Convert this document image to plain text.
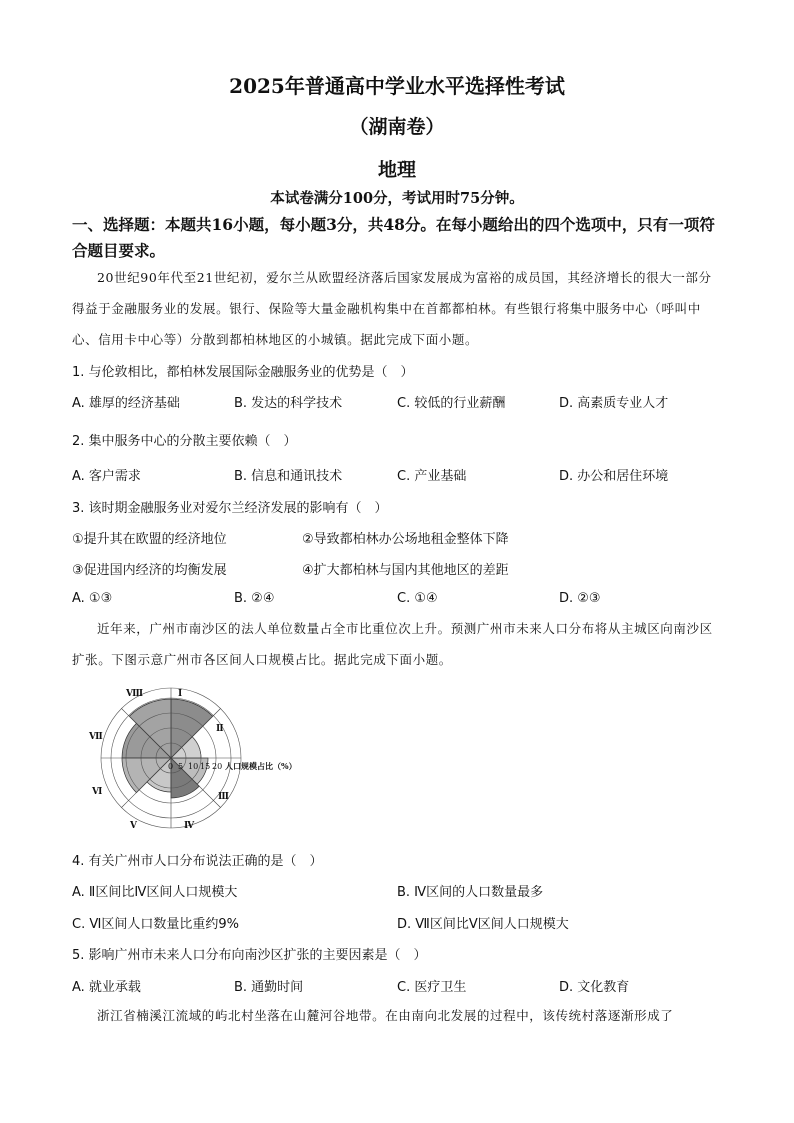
2025年普通高中学业水平选择性考试
（湖南卷）
地理
本试卷满分100分，考试用时75分钟。
一、选择题：本题共16小题，每小题3分，共48分。在每小题给出的四个选项中，只有一项符合题目要求。
20世纪90年代至21世纪初，爱尔兰从欧盟经济落后国家发展成为富裕的成员国，其经济增长的很大一部分得益于金融服务业的发展。银行、保险等大量金融机构集中在首都都柏林。有些银行将集中服务中心（呼叫中心、信用卡中心等）分散到都柏林地区的小城镇。据此完成下面小题。
1. 与伦敦相比，都柏林发展国际金融服务业的优势是（　）
A. 雄厚的经济基础	B. 发达的科学技术	C. 较低的行业薪酬	D. 高素质专业人才
2. 集中服务中心的分散主要依赖（　）
A. 客户需求	B. 信息和通讯技术	C. 产业基础	D. 办公和居住环境
3. 该时期金融服务业对爱尔兰经济发展的影响有（　）
①提升其在欧盟的经济地位	②导致都柏林办公场地租金整体下降
③促进国内经济的均衡发展	④扩大都柏林与国内其他地区的差距
A. ①③	B. ②④	C. ①④	D. ②③
近年来，广州市南沙区的法人单位数量占全市比重位次上升。预测广州市未来人口分布将从主城区向南沙区扩张。下图示意广州市各区间人口规模占比。据此完成下面小题。
Ⅷ	Ⅰ
Ⅱ
Ⅶ
Ⅲ
Ⅵ
Ⅴ	Ⅳ
0 5 10 15 20 人口规模占比（%）
4. 有关广州市人口分布说法正确的是（　）
A. Ⅱ区间比Ⅳ区间人口规模大	B. Ⅳ区间的人口数量最多
C. Ⅵ区间人口数量比重约9%	D. Ⅶ区间比Ⅴ区间人口规模大
5. 影响广州市未来人口分布向南沙区扩张的主要因素是（　）
A. 就业承载	B. 通勤时间	C. 医疗卫生	D. 文化教育
浙江省楠溪江流域的屿北村坐落在山麓河谷地带。在由南向北发展的过程中，该传统村落逐渐形成了
